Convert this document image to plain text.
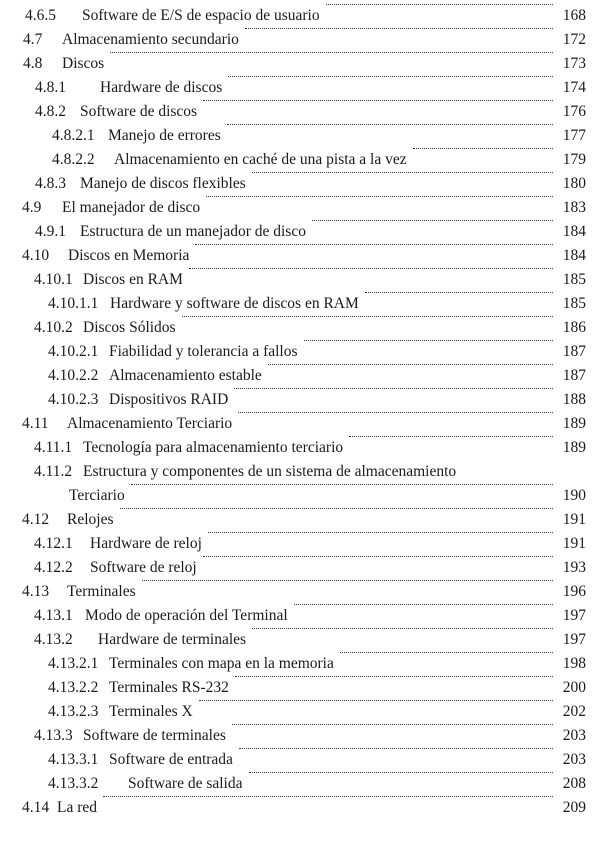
4.6.5 Software de E/S de espacio de usuario	168
4.7 Almacenamiento secundario	172
4.8 Discos	173
4.8.1 Hardware de discos	174
4.8.2 Software de discos	176
4.8.2.1 Manejo de errores	177
4.8.2.2 Almacenamiento en caché de una pista a la vez	179
4.8.3 Manejo de discos flexibles	180
4.9 El manejador de disco	183
4.9.1 Estructura de un manejador de disco	184
4.10 Discos en Memoria	184
4.10.1 Discos en RAM	185
4.10.1.1 Hardware y software de discos en RAM	185
4.10.2 Discos Sólidos	186
4.10.2.1 Fiabilidad y tolerancia a fallos	187
4.10.2.2 Almacenamiento estable	187
4.10.2.3 Dispositivos RAID	188
4.11 Almacenamiento Terciario	189
4.11.1 Tecnología para almacenamiento terciario	189
4.11.2 Estructura y componentes de un sistema de almacenamiento
Terciario	190
4.12 Relojes	191
4.12.1 Hardware de reloj	191
4.12.2 Software de reloj	193
4.13 Terminales	196
4.13.1 Modo de operación del Terminal	197
4.13.2 Hardware de terminales	197
4.13.2.1 Terminales con mapa en la memoria	198
4.13.2.2 Terminales RS-232	200
4.13.2.3 Terminales X	202
4.13.3 Software de terminales	203
4.13.3.1 Software de entrada	203
4.13.3.2 Software de salida	208
4.14 La red	209
